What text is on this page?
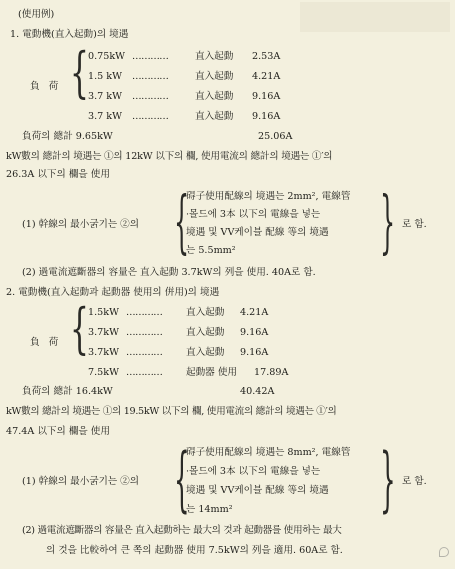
(使用例)
1. 電動機(直入起動)의 境遇
負 荷 { 0.75kW …………	直入起動 2.53A
1.5 kW …………	直入起動 4.21A
3.7 kW …………	直入起動 9.16A
3.7 kW …………	直入起動 9.16A
負荷의 總計 9.65kW	25.06A
kW數의 總計의 境遇는 ①의 12kW 以下의 欄, 使用電流의 總計의 境遇는 ①′의
26.3A 以下의 欄을 使用
(1) 幹線의 最小굵기는 ②의 {
碍子使用配線의 境遇는 2mm², 電線管
·몰드에 3本 以下의 電線을 넣는
境遇 및 VV케이블 配線 等의 境遇
는 5.5mm² } 로 함.
(2) 過電流遮斷器의 容量은 直入起動 3.7kW의 列을 使用. 40A로 함.
2. 電動機(直入起動과 起動器 使用의 倂用)의 境遇
負 荷 { 1.5kW ………… 直入起動 4.21A
3.7kW ………… 直入起動 9.16A
3.7kW ………… 直入起動 9.16A
7.5kW ………… 起動器 使用 17.89A
負荷의 總計 16.4kW	40.42A
kW數의 總計의 境遇는 ①의 19.5kW 以下의 欄, 使用電流의 總計의 境遇는 ①′의
47.4A 以下의 欄을 使用
(1) 幹線의 最小굵기는 ②의 {
碍子使用配線의 境遇는 8mm², 電線管
·몰드에 3本 以下의 電線을 넣는
境遇 및 VV케이블 配線 等의 境遇
는 14mm² } 로 함.
(2) 過電流遮斷器의 容量은 直入起動하는 最大의 것과 起動器를 使用하는 最大
의 것을 比較하여 큰 쪽의 起動器 使用 7.5kW의 列을 適用. 60A로 함.
